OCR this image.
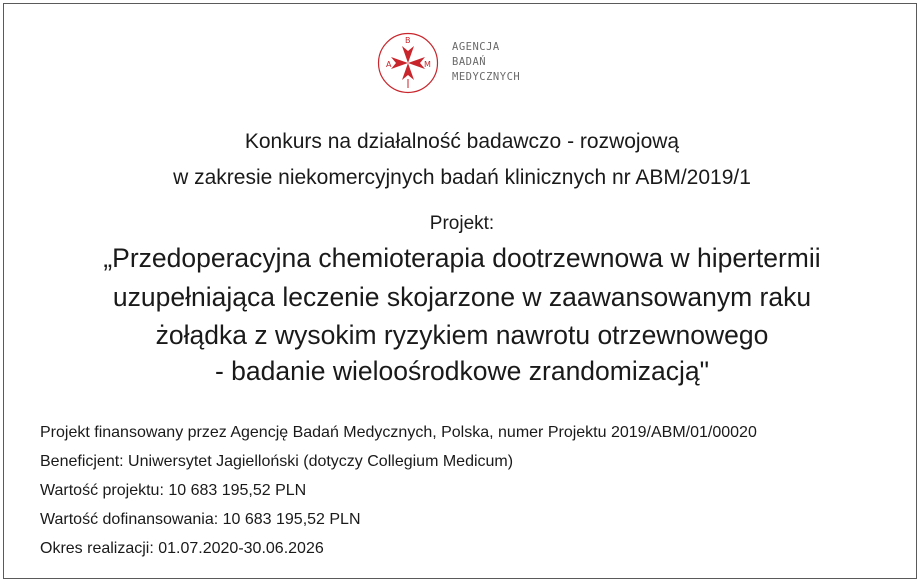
A
B
M
AGENCJA
BADAŃ
MEDYCZNYCH
Konkurs na działalność badawczo - rozwojową
w zakresie niekomercyjnych badań klinicznych nr ABM/2019/1
Projekt:
„Przedoperacyjna chemioterapia dootrzewnowa w hipertermii
uzupełniająca leczenie skojarzone w zaawansowanym raku
żołądka z wysokim ryzykiem nawrotu otrzewnowego
- badanie wieloośrodkowe zrandomizacją"
Projekt finansowany przez Agencję Badań Medycznych, Polska, numer Projektu 2019/ABM/01/00020
Beneficjent: Uniwersytet Jagielloński (dotyczy Collegium Medicum)
Wartość projektu: 10 683 195,52 PLN
Wartość dofinansowania: 10 683 195,52 PLN
Okres realizacji: 01.07.2020-30.06.2026
